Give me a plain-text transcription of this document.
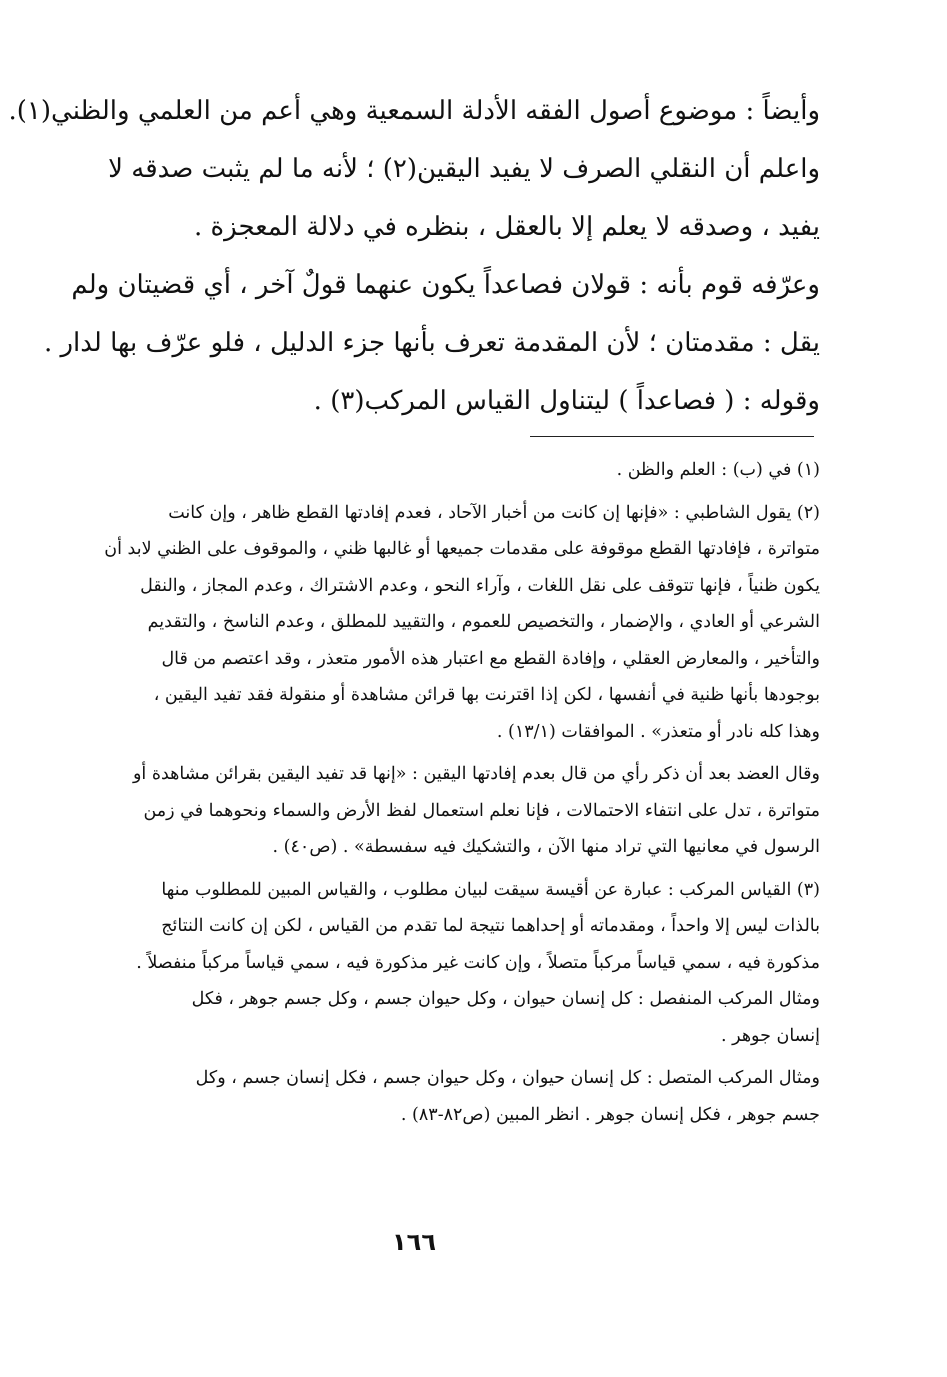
وأيضاً : موضوع أصول الفقه الأدلة السمعية وهي أعم من العلمي والظني(١).
واعلم أن النقلي الصرف لا يفيد اليقين(٢) ؛ لأنه ما لم يثبت صدقه لا
يفيد ، وصدقه لا يعلم إلا بالعقل ، بنظره في دلالة المعجزة .
وعرّفه قوم بأنه : قولان فصاعداً يكون عنهما قولٌ آخر ، أي قضيتان ولم
يقل : مقدمتان ؛ لأن المقدمة تعرف بأنها جزء الدليل ، فلو عرّف بها لدار .
وقوله : ( فصاعداً ) ليتناول القياس المركب(٣) .
(١) في (ب) : العلم والظن .
(٢) يقول الشاطبي : «فإنها إن كانت من أخبار الآحاد ، فعدم إفادتها القطع ظاهر ، وإن كانت
متواترة ، فإفادتها القطع موقوفة على مقدمات جميعها أو غالبها ظني ، والموقوف على الظني لابد أن
يكون ظنياً ، فإنها تتوقف على نقل اللغات ، وآراء النحو ، وعدم الاشتراك ، وعدم المجاز ، والنقل
الشرعي أو العادي ، والإضمار ، والتخصيص للعموم ، والتقييد للمطلق ، وعدم الناسخ ، والتقديم
والتأخير ، والمعارض العقلي ، وإفادة القطع مع اعتبار هذه الأمور متعذر ، وقد اعتصم من قال
بوجودها بأنها ظنية في أنفسها ، لكن إذا اقترنت بها قرائن مشاهدة أو منقولة فقد تفيد اليقين ،
وهذا كله نادر أو متعذر» . الموافقات (١٣/١) .
وقال العضد بعد أن ذكر رأي من قال بعدم إفادتها اليقين : «إنها قد تفيد اليقين بقرائن مشاهدة أو
متواترة ، تدل على انتفاء الاحتمالات ، فإنا نعلم استعمال لفظ الأرض والسماء ونحوهما في زمن
الرسول في معانيها التي تراد منها الآن ، والتشكيك فيه سفسطة» . (ص٤٠) .
(٣) القياس المركب : عبارة عن أقيسة سيقت لبيان مطلوب ، والقياس المبين للمطلوب منها
بالذات ليس إلا واحداً ، ومقدماته أو إحداهما نتيجة لما تقدم من القياس ، لكن إن كانت النتائج
مذكورة فيه ، سمي قياساً مركباً متصلاً ، وإن كانت غير مذكورة فيه ، سمي قياساً مركباً منفصلاً .
ومثال المركب المنفصل : كل إنسان حيوان ، وكل حيوان جسم ، وكل جسم جوهر ، فكل
إنسان جوهر .
ومثال المركب المتصل : كل إنسان حيوان ، وكل حيوان جسم ، فكل إنسان جسم ، وكل
جسم جوهر ، فكل إنسان جوهر . انظر المبين (ص٨٢-٨٣) .
١٦٦
